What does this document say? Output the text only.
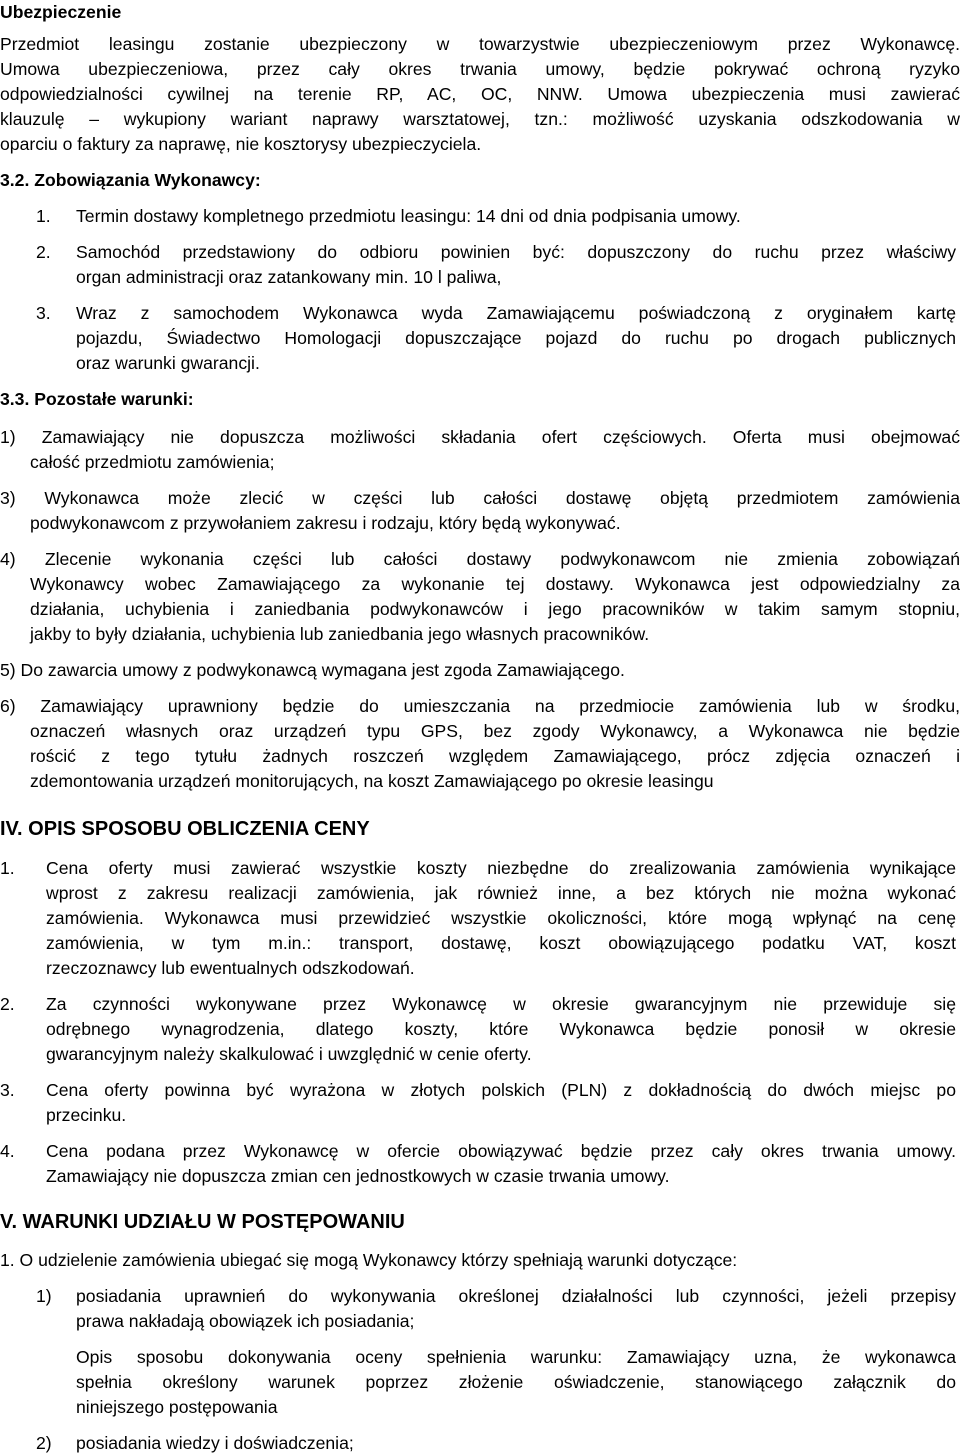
Ubezpieczenie
Przedmiot leasingu zostanie ubezpieczony w towarzystwie ubezpieczeniowym przez Wykonawcę.
Umowa ubezpieczeniowa, przez cały okres trwania umowy, będzie pokrywać ochroną ryzyko
odpowiedzialności cywilnej na terenie RP, AC, OC, NNW. Umowa ubezpieczenia musi zawierać
klauzulę – wykupiony wariant naprawy warsztatowej, tzn.: możliwość uzyskania odszkodowania w
oparciu o faktury za naprawę, nie kosztorysy ubezpieczyciela.
3.2. Zobowiązania Wykonawcy:
1.	Termin dostawy kompletnego przedmiotu leasingu: 14 dni od dnia podpisania umowy.
2.	Samochód przedstawiony do odbioru powinien być: dopuszczony do ruchu przez właściwy
organ administracji oraz zatankowany min. 10 l paliwa,
3.	Wraz z samochodem Wykonawca wyda Zamawiającemu poświadczoną z oryginałem kartę
pojazdu, Świadectwo Homologacji dopuszczające pojazd do ruchu po drogach publicznych
oraz warunki gwarancji.
3.3. Pozostałe warunki:
1) Zamawiający nie dopuszcza możliwości składania ofert częściowych. Oferta musi obejmować
całość przedmiotu zamówienia;
3) Wykonawca może zlecić w części lub całości dostawę objętą przedmiotem zamówienia
podwykonawcom z przywołaniem zakresu i rodzaju, który będą wykonywać.
4) Zlecenie wykonania części lub całości dostawy podwykonawcom nie zmienia zobowiązań
Wykonawcy wobec Zamawiającego za wykonanie tej dostawy. Wykonawca jest odpowiedzialny za
działania, uchybienia i zaniedbania podwykonawców i jego pracowników w takim samym stopniu,
jakby to były działania, uchybienia lub zaniedbania jego własnych pracowników.
5) Do zawarcia umowy z podwykonawcą wymagana jest zgoda Zamawiającego.
6) Zamawiający uprawniony będzie do umieszczania na przedmiocie zamówienia lub w środku,
oznaczeń własnych oraz urządzeń typu GPS, bez zgody Wykonawcy, a Wykonawca nie będzie
rościć z tego tytułu żadnych roszczeń względem Zamawiającego, prócz zdjęcia oznaczeń i
zdemontowania urządzeń monitorujących, na koszt Zamawiającego po okresie leasingu
IV. OPIS SPOSOBU OBLICZENIA CENY
1.	Cena oferty musi zawierać wszystkie koszty niezbędne do zrealizowania zamówienia wynikające
wprost z zakresu realizacji zamówienia, jak również inne, a bez których nie można wykonać
zamówienia. Wykonawca musi przewidzieć wszystkie okoliczności, które mogą wpłynąć na cenę
zamówienia, w tym m.in.: transport, dostawę, koszt obowiązującego podatku VAT, koszt
rzeczoznawcy lub ewentualnych odszkodowań.
2.	Za czynności wykonywane przez Wykonawcę w okresie gwarancyjnym nie przewiduje się
odrębnego wynagrodzenia, dlatego koszty, które Wykonawca będzie ponosił w okresie
gwarancyjnym należy skalkulować i uwzględnić w cenie oferty.
3.	Cena oferty powinna być wyrażona w złotych polskich (PLN) z dokładnością do dwóch miejsc po
przecinku.
4.	Cena podana przez Wykonawcę w ofercie obowiązywać będzie przez cały okres trwania umowy.
Zamawiający nie dopuszcza zmian cen jednostkowych w czasie trwania umowy.
V. WARUNKI UDZIAŁU W POSTĘPOWANIU
1. O udzielenie zamówienia ubiegać się mogą Wykonawcy którzy spełniają warunki dotyczące:
1)	posiadania uprawnień do wykonywania określonej działalności lub czynności, jeżeli przepisy
prawa nakładają obowiązek ich posiadania;
Opis sposobu dokonywania oceny spełnienia warunku: Zamawiający uzna, że wykonawca
spełnia określony warunek poprzez złożenie oświadczenie, stanowiącego załącznik do
niniejszego postępowania
2)	posiadania wiedzy i doświadczenia;
